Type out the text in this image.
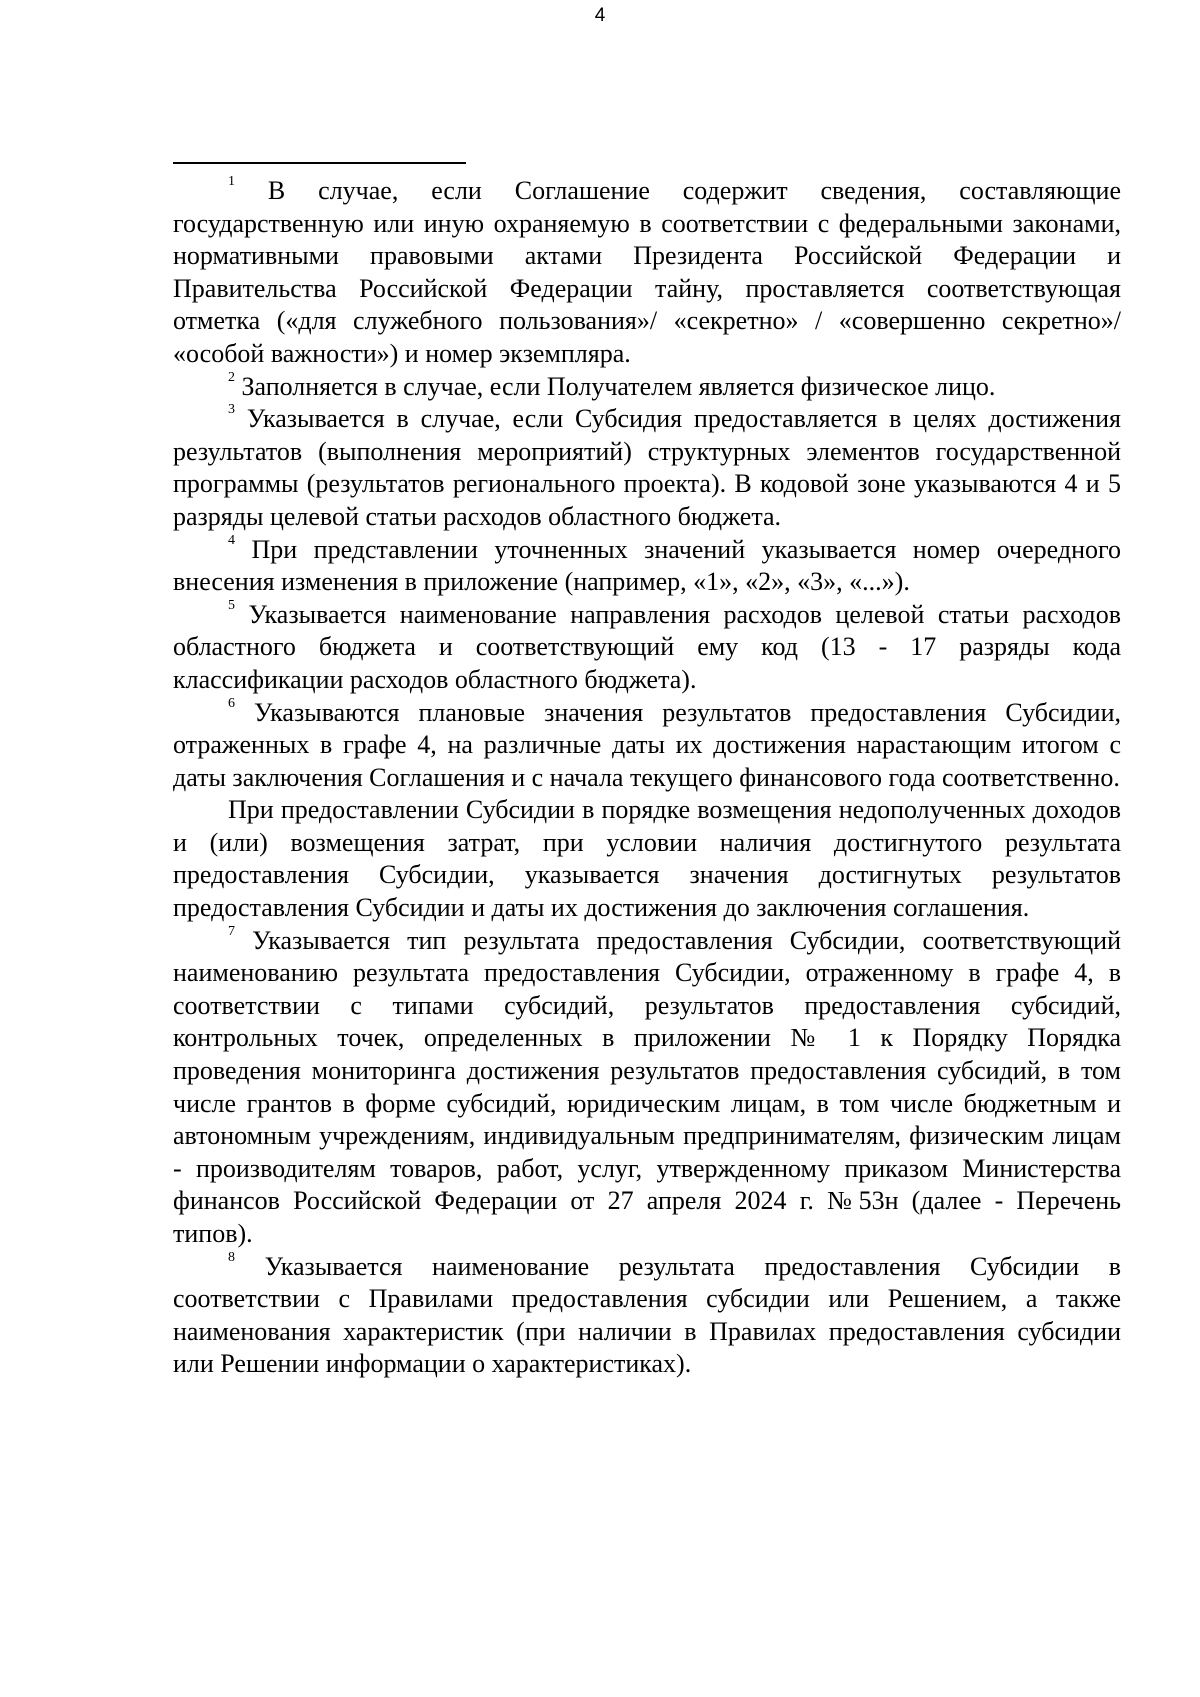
4

$^1$ В случае, если Соглашение содержит сведения, составляющие государственную или иную охраняемую в соответствии с федеральными законами, нормативными правовыми актами Президента Российской Федерации и Правительства Российской Федерации тайну, проставляется соответствующая отметка («для служебного пользования»/ «секретно» / «совершенно секретно»/ «особой важности») и номер экземпляра.

$^2$ Заполняется в случае, если Получателем является физическое лицо.

$^3$ Указывается в случае, если Субсидия предоставляется в целях достижения результатов (выполнения мероприятий) структурных элементов государственной программы (результатов регионального проекта). В кодовой зоне указываются 4 и 5 разряды целевой статьи расходов областного бюджета.

$^4$ При представлении уточненных значений указывается номер очередного внесения изменения в приложение (например, «1», «2», «3», «...»).

$^5$ Указывается наименование направления расходов целевой статьи расходов областного бюджета и соответствующий ему код (13 - 17 разряды кода классификации расходов областного бюджета).

$^6$ Указываются плановые значения результатов предоставления Субсидии, отраженных в графе 4, на различные даты их достижения нарастающим итогом с даты заключения Соглашения и с начала текущего финансового года соответственно.

При предоставлении Субсидии в порядке возмещения недополученных доходов и (или) возмещения затрат, при условии наличия достигнутого результата предоставления Субсидии, указывается значения достигнутых результатов предоставления Субсидии и даты их достижения до заключения соглашения.

$^7$ Указывается тип результата предоставления Субсидии, соответствующий наименованию результата предоставления Субсидии, отраженному в графе 4, в соответствии с типами субсидий, результатов предоставления субсидий, контрольных точек, определенных в приложении № 1 к Порядку Порядка проведения мониторинга достижения результатов предоставления субсидий, в том числе грантов в форме субсидий, юридическим лицам, в том числе бюджетным и автономным учреждениям, индивидуальным предпринимателям, физическим лицам - производителям товаров, работ, услуг, утвержденному приказом Министерства финансов Российской Федерации от 27 апреля 2024 г. №53н (далее - Перечень типов).

$^8$ Указывается наименование результата предоставления Субсидии в соответствии с Правилами предоставления субсидии или Решением, а также наименования характеристик (при наличии в Правилах предоставления субсидии или Решении информации о характеристиках).
